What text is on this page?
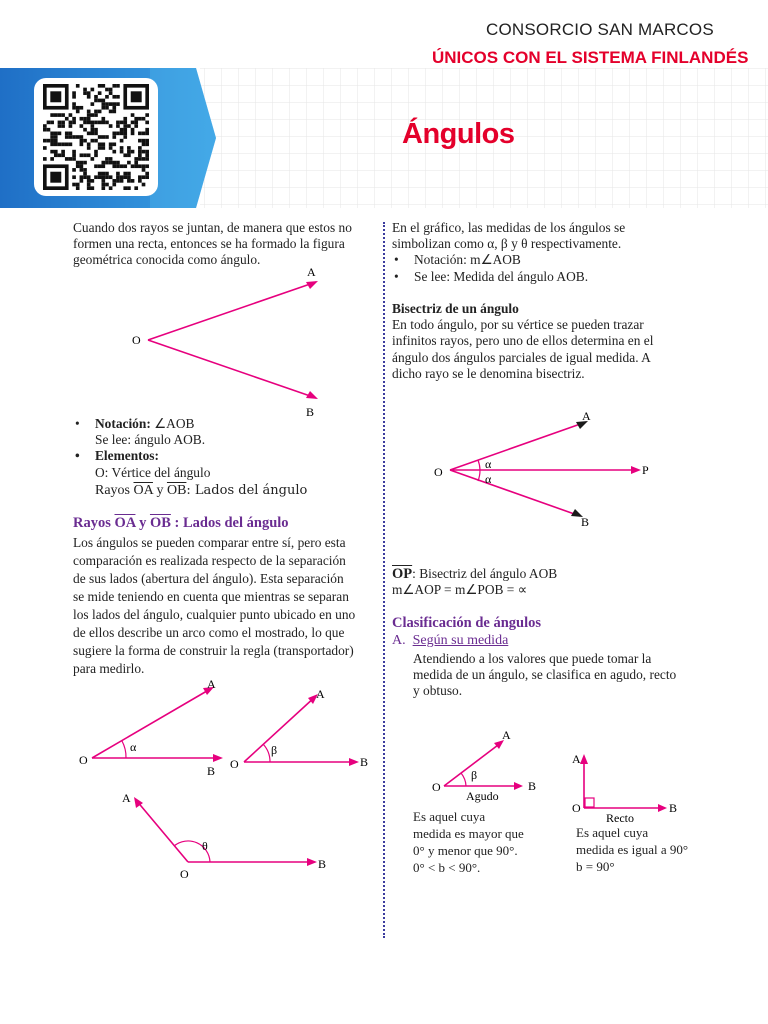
CONSORCIO SAN MARCOS
ÚNICOS CON EL SISTEMA FINLANDÉS
Ángulos
Cuando dos rayos se juntan, de manera que estos no
formen una recta, entonces se ha formado la figura
geométrica conocida como ángulo.
A
O
B
• Notación: ∠AOB
Se lee: ángulo AOB.
• Elementos:
O: Vértice del ángulo
Rayos $\overline{OA}$ y $\overline{OB}$: Lados del ángulo
Rayos $\overline{OA}$ y $\overline{OB}$ : Lados del ángulo
Los ángulos se pueden comparar entre sí, pero esta
comparación es realizada respecto de la separación
de sus lados (abertura del ángulo). Esta separación
se mide teniendo en cuenta que mientras se separan
los lados del ángulo, cualquier punto ubicado en uno
de ellos describe un arco como el mostrado, lo que
sugiere la forma de construir la regla (transportador)
para medirlo.
A
O
B
α
A
O	B
β
A
O
B
θ
En el gráfico, las medidas de los ángulos se
simbolizan como α, β y θ respectivamente.
• Notación: m∠AOB
• Se lee: Medida del ángulo AOB.
Bisectriz de un ángulo
En todo ángulo, por su vértice se pueden trazar
infinitos rayos, pero uno de ellos determina en el
ángulo dos ángulos parciales de igual medida. A
dicho rayo se le denomina bisectriz.
A
O	P
B
α
α
$\overline{OP}$: Bisectriz del ángulo AOB
m∠AOP = m∠POB = ∝
Clasificación de ángulos
A. Según su medida
Atendiendo a los valores que puede tomar la
medida de un ángulo, se clasifica en agudo, recto
y obtuso.
A
O	B
β
Agudo
Es aquel cuya
medida es mayor que
0° y menor que 90°.
0° < b < 90°.
A
O	B
Recto
Es aquel cuya
medida es igual a 90°
b = 90°
